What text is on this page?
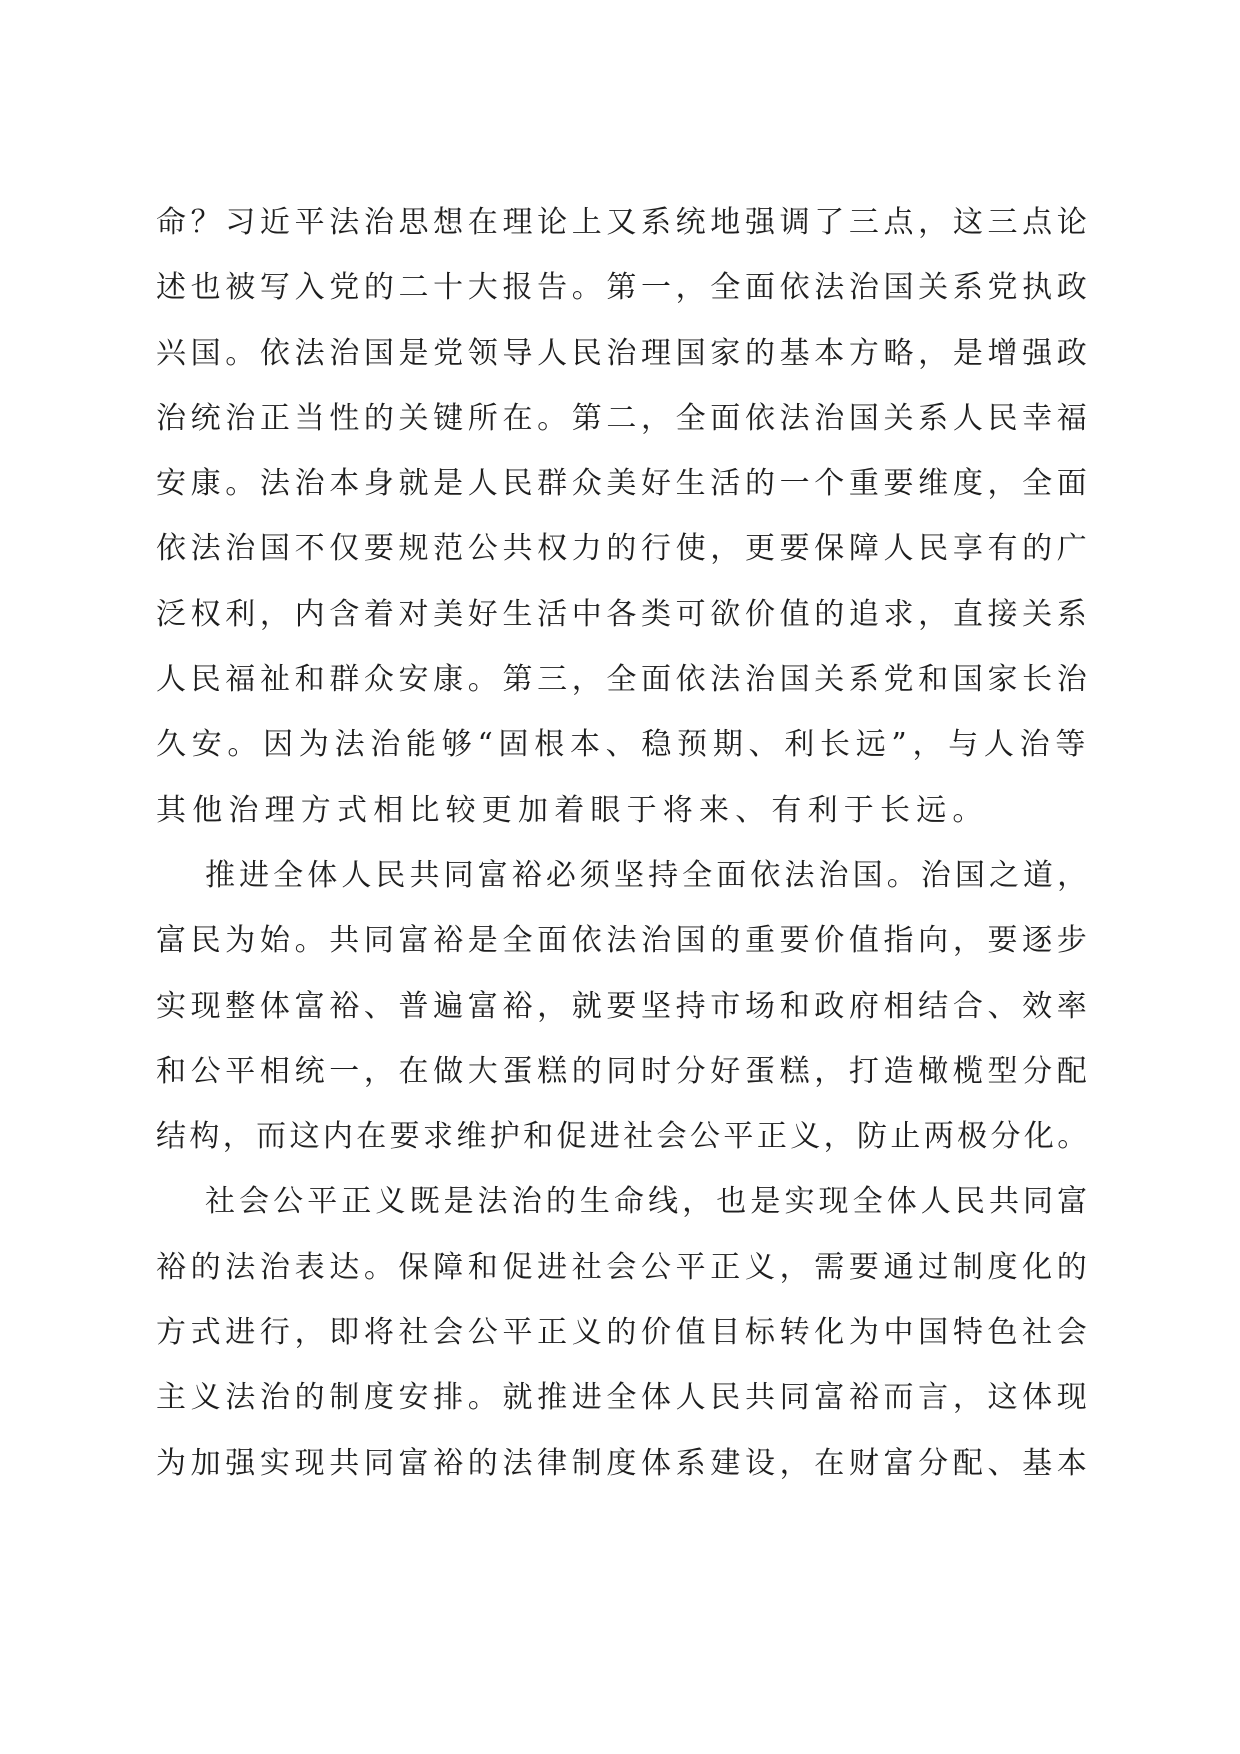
命？习近平法治思想在理论上又系统地强调了三点，这三点论
述也被写入党的二十大报告。第一，全面依法治国关系党执政
兴国。依法治国是党领导人民治理国家的基本方略，是增强政
治统治正当性的关键所在。第二，全面依法治国关系人民幸福
安康。法治本身就是人民群众美好生活的一个重要维度，全面
依法治国不仅要规范公共权力的行使，更要保障人民享有的广
泛权利，内含着对美好生活中各类可欲价值的追求，直接关系
人民福祉和群众安康。第三，全面依法治国关系党和国家长治
久安。因为法治能够“固根本、稳预期、利长远”，与人治等
其他治理方式相比较更加着眼于将来、有利于长远。
推进全体人民共同富裕必须坚持全面依法治国。治国之道，
富民为始。共同富裕是全面依法治国的重要价值指向，要逐步
实现整体富裕、普遍富裕，就要坚持市场和政府相结合、效率
和公平相统一，在做大蛋糕的同时分好蛋糕，打造橄榄型分配
结构，而这内在要求维护和促进社会公平正义，防止两极分化。
社会公平正义既是法治的生命线，也是实现全体人民共同富
裕的法治表达。保障和促进社会公平正义，需要通过制度化的
方式进行，即将社会公平正义的价值目标转化为中国特色社会
主义法治的制度安排。就推进全体人民共同富裕而言，这体现
为加强实现共同富裕的法律制度体系建设，在财富分配、基本
